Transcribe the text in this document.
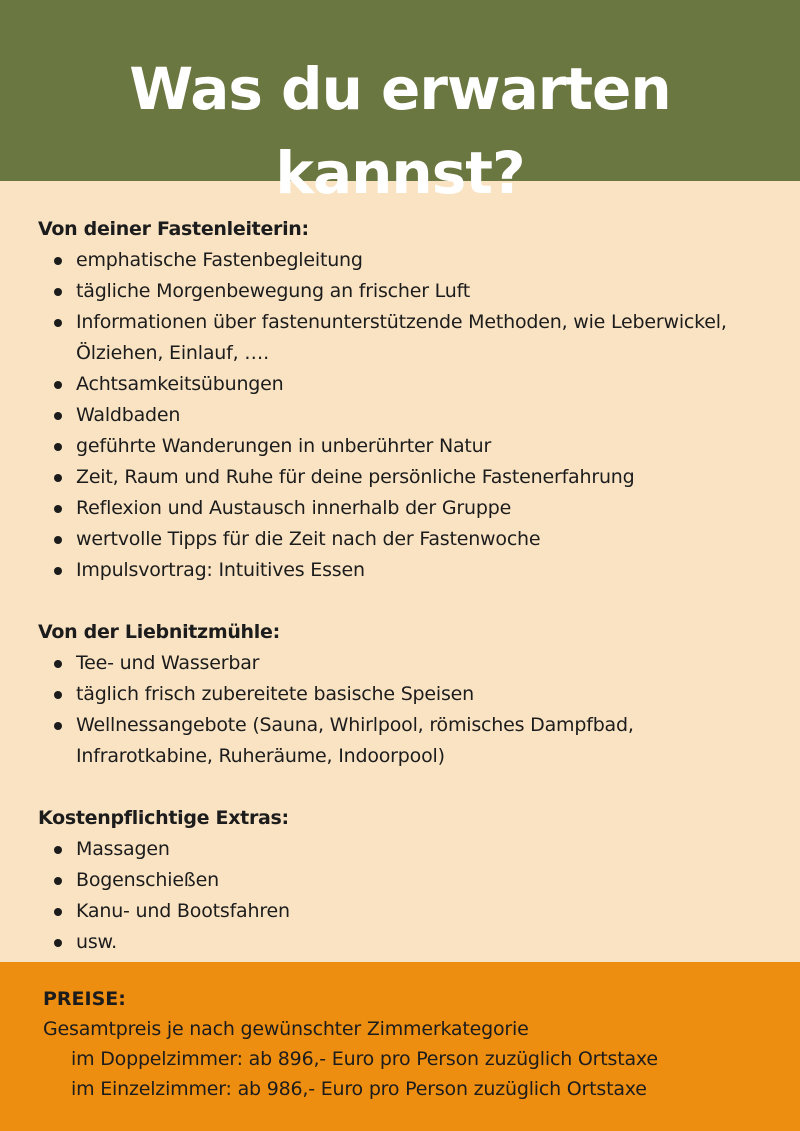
Was du erwarten kannst?
Von deiner Fastenleiterin:
emphatische Fastenbegleitung
tägliche Morgenbewegung an frischer Luft
Informationen über fastenunterstützende Methoden, wie Leberwickel, Ölziehen, Einlauf, ….
Achtsamkeitsübungen
Waldbaden
geführte Wanderungen in unberührter Natur
Zeit, Raum und Ruhe für deine persönliche Fastenerfahrung
Reflexion und Austausch innerhalb der Gruppe
wertvolle Tipps für die Zeit nach der Fastenwoche
Impulsvortrag: Intuitives Essen
Von der Liebnitzmühle:
Tee- und Wasserbar
täglich frisch zubereitete basische Speisen
Wellnessangebote (Sauna, Whirlpool, römisches Dampfbad, Infrarotkabine, Ruheräume, Indoorpool)
Kostenpflichtige Extras:
Massagen
Bogenschießen
Kanu- und Bootsfahren
usw.
PREISE:
Gesamtpreis je nach gewünschter Zimmerkategorie
im Doppelzimmer: ab 896,- Euro pro Person zuzüglich Ortstaxe
im Einzelzimmer: ab 986,- Euro pro Person zuzüglich Ortstaxe
